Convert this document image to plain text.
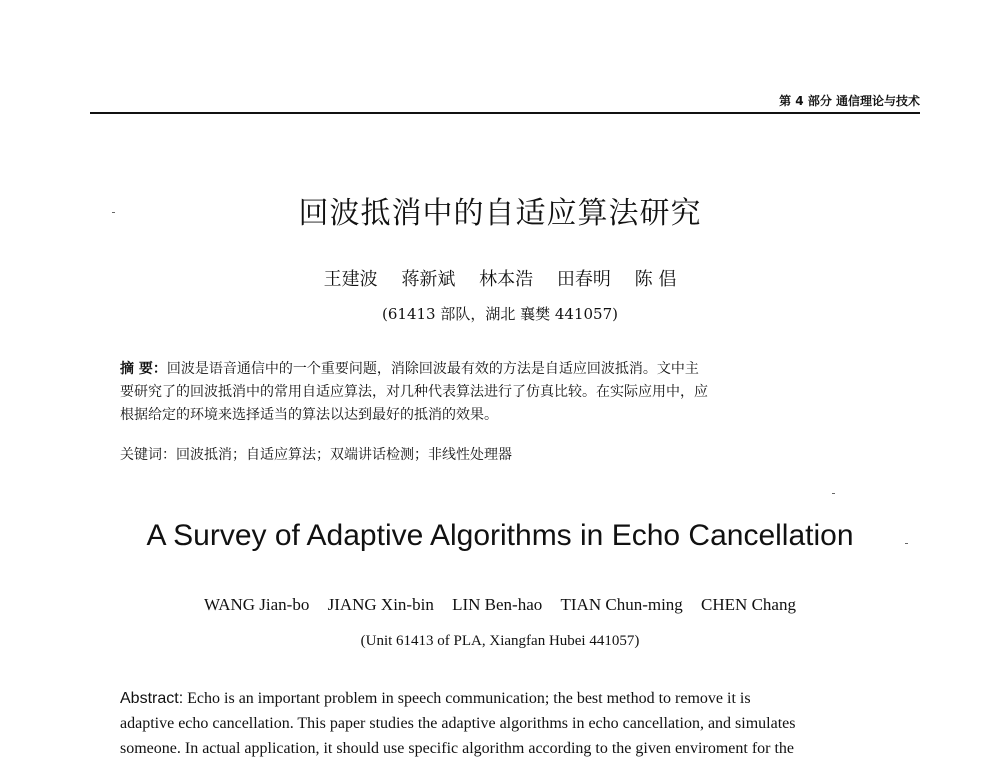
第 4 部分 通信理论与技术
回波抵消中的自适应算法研究
王建波 蒋新斌 林本浩 田春明 陈 倡
(61413 部队，湖北 襄樊 441057)
摘 要：回波是语音通信中的一个重要问题，消除回波最有效的方法是自适应回波抵消。文中主
要研究了的回波抵消中的常用自适应算法，对几种代表算法进行了仿真比较。在实际应用中，应
根据给定的环境来选择适当的算法以达到最好的抵消的效果。
关键词：回波抵消；自适应算法；双端讲话检测；非线性处理器
A Survey of Adaptive Algorithms in Echo Cancellation
WANG Jian-bo JIANG Xin-bin LIN Ben-hao TIAN Chun-ming CHEN Chang
(Unit 61413 of PLA, Xiangfan Hubei 441057)
Abstract: Echo is an important problem in speech communication; the best method to remove it is
adaptive echo cancellation. This paper studies the adaptive algorithms in echo cancellation, and simulates
someone. In actual application, it should use specific algorithm according to the given enviroment for the
